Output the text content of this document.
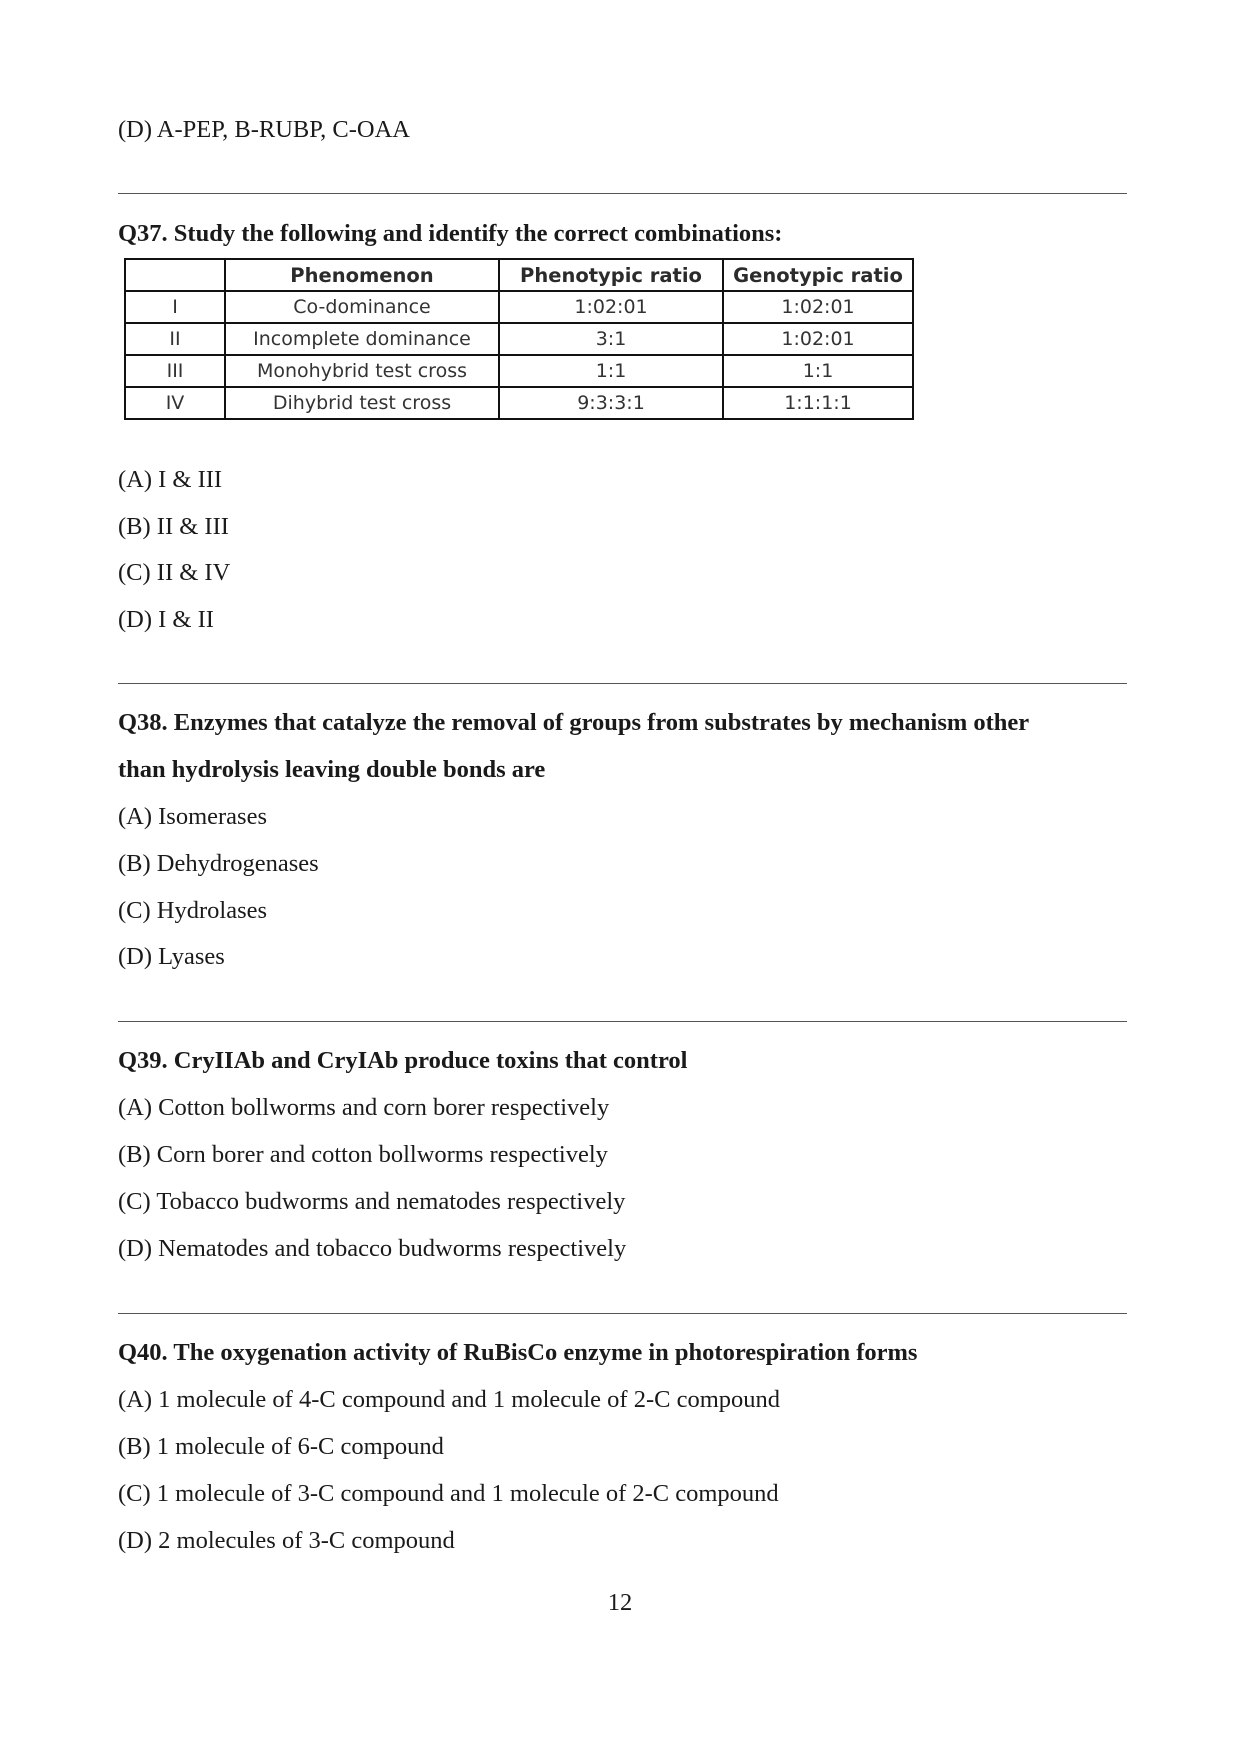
(D) A-PEP, B-RUBP, C-OAA
Q37. Study the following and identify the correct combinations:
	Phenomenon	Phenotypic ratio	Genotypic ratio
I	Co-dominance	1:02:01	1:02:01
II	Incomplete dominance	3:1	1:02:01
III	Monohybrid test cross	1:1	1:1
IV	Dihybrid test cross	9:3:3:1	1:1:1:1
(A) I & III
(B) II & III
(C) II & IV
(D) I & II
Q38. Enzymes that catalyze the removal of groups from substrates by mechanism other
than hydrolysis leaving double bonds are
(A) Isomerases
(B) Dehydrogenases
(C) Hydrolases
(D) Lyases
Q39. CryIIAb and CryIAb produce toxins that control
(A) Cotton bollworms and corn borer respectively
(B) Corn borer and cotton bollworms respectively
(C) Tobacco budworms and nematodes respectively
(D) Nematodes and tobacco budworms respectively
Q40. The oxygenation activity of RuBisCo enzyme in photorespiration forms
(A) 1 molecule of 4-C compound and 1 molecule of 2-C compound
(B) 1 molecule of 6-C compound
(C) 1 molecule of 3-C compound and 1 molecule of 2-C compound
(D) 2 molecules of 3-C compound
12
